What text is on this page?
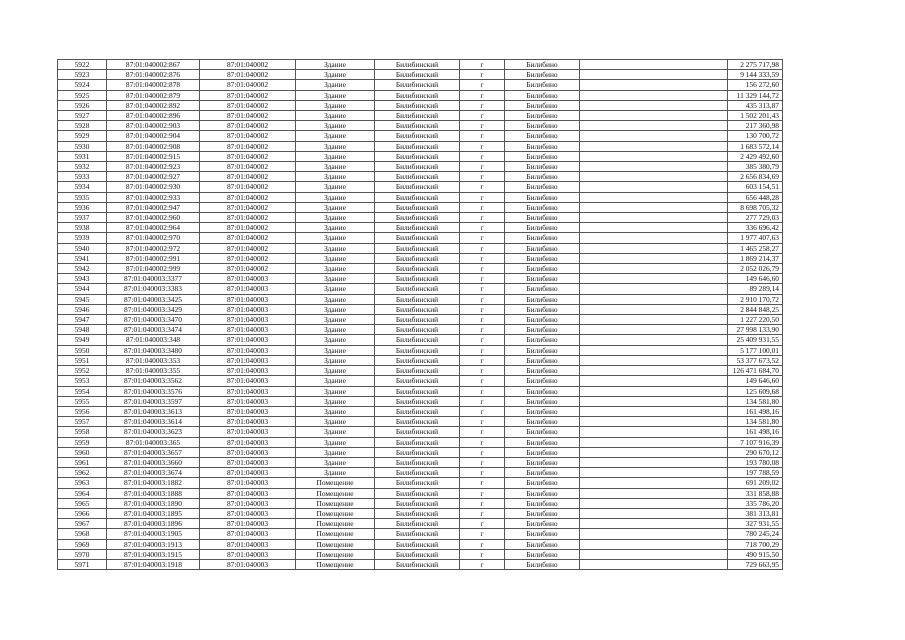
5922	87:01:040002:867	87:01:040002	Здание	Билибинский	г	Билибино		2 275 717,98
5923	87:01:040002:876	87:01:040002	Здание	Билибинский	г	Билибино		9 144 333,59
5924	87:01:040002:878	87:01:040002	Здание	Билибинский	г	Билибино		156 272,60
5925	87:01:040002:879	87:01:040002	Здание	Билибинский	г	Билибино		11 329 144,72
5926	87:01:040002:892	87:01:040002	Здание	Билибинский	г	Билибино		435 313,87
5927	87:01:040002:896	87:01:040002	Здание	Билибинский	г	Билибино		1 502 201,43
5928	87:01:040002:903	87:01:040002	Здание	Билибинский	г	Билибино		217 360,98
5929	87:01:040002:904	87:01:040002	Здание	Билибинский	г	Билибино		130 700,72
5930	87:01:040002:908	87:01:040002	Здание	Билибинский	г	Билибино		1 683 572,14
5931	87:01:040002:915	87:01:040002	Здание	Билибинский	г	Билибино		2 429 492,60
5932	87:01:040002:923	87:01:040002	Здание	Билибинский	г	Билибино		385 380,79
5933	87:01:040002:927	87:01:040002	Здание	Билибинский	г	Билибино		2 656 834,69
5934	87:01:040002:930	87:01:040002	Здание	Билибинский	г	Билибино		603 154,51
5935	87:01:040002:933	87:01:040002	Здание	Билибинский	г	Билибино		656 448,28
5936	87:01:040002:947	87:01:040002	Здание	Билибинский	г	Билибино		8 698 705,32
5937	87:01:040002:960	87:01:040002	Здание	Билибинский	г	Билибино		277 729,03
5938	87:01:040002:964	87:01:040002	Здание	Билибинский	г	Билибино		336 696,42
5939	87:01:040002:970	87:01:040002	Здание	Билибинский	г	Билибино		1 977 407,63
5940	87:01:040002:972	87:01:040002	Здание	Билибинский	г	Билибино		1 465 258,27
5941	87:01:040002:991	87:01:040002	Здание	Билибинский	г	Билибино		1 869 214,37
5942	87:01:040002:999	87:01:040002	Здание	Билибинский	г	Билибино		2 052 026,79
5943	87:01:040003:3377	87:01:040003	Здание	Билибинский	г	Билибино		149 646,60
5944	87:01:040003:3383	87:01:040003	Здание	Билибинский	г	Билибино		89 289,14
5945	87:01:040003:3425	87:01:040003	Здание	Билибинский	г	Билибино		2 910 170,72
5946	87:01:040003:3429	87:01:040003	Здание	Билибинский	г	Билибино		2 844 848,25
5947	87:01:040003:3470	87:01:040003	Здание	Билибинский	г	Билибино		1 227 220,50
5948	87:01:040003:3474	87:01:040003	Здание	Билибинский	г	Билибино		27 998 133,90
5949	87:01:040003:348	87:01:040003	Здание	Билибинский	г	Билибино		25 409 931,55
5950	87:01:040003:3480	87:01:040003	Здание	Билибинский	г	Билибино		5 177 100,01
5951	87:01:040003:353	87:01:040003	Здание	Билибинский	г	Билибино		53 377 673,52
5952	87:01:040003:355	87:01:040003	Здание	Билибинский	г	Билибино		126 471 684,70
5953	87:01:040003:3562	87:01:040003	Здание	Билибинский	г	Билибино		149 646,60
5954	87:01:040003:3576	87:01:040003	Здание	Билибинский	г	Билибино		125 609,68
5955	87:01:040003:3597	87:01:040003	Здание	Билибинский	г	Билибино		134 581,80
5956	87:01:040003:3613	87:01:040003	Здание	Билибинский	г	Билибино		161 498,16
5957	87:01:040003:3614	87:01:040003	Здание	Билибинский	г	Билибино		134 581,80
5958	87:01:040003:3623	87:01:040003	Здание	Билибинский	г	Билибино		161 498,16
5959	87:01:040003:365	87:01:040003	Здание	Билибинский	г	Билибино		7 107 916,39
5960	87:01:040003:3657	87:01:040003	Здание	Билибинский	г	Билибино		290 670,12
5961	87:01:040003:3660	87:01:040003	Здание	Билибинский	г	Билибино		193 780,08
5962	87:01:040003:3674	87:01:040003	Здание	Билибинский	г	Билибино		197 788,59
5963	87:01:040003:1882	87:01:040003	Помещение	Билибинский	г	Билибино		691 209,02
5964	87:01:040003:1888	87:01:040003	Помещение	Билибинский	г	Билибино		331 858,88
5965	87:01:040003:1890	87:01:040003	Помещение	Билибинский	г	Билибино		335 786,20
5966	87:01:040003:1895	87:01:040003	Помещение	Билибинский	г	Билибино		381 313,81
5967	87:01:040003:1896	87:01:040003	Помещение	Билибинский	г	Билибино		327 931,55
5968	87:01:040003:1905	87:01:040003	Помещение	Билибинский	г	Билибино		780 245,24
5969	87:01:040003:1913	87:01:040003	Помещение	Билибинский	г	Билибино		718 700,29
5970	87:01:040003:1915	87:01:040003	Помещение	Билибинский	г	Билибино		490 915,50
5971	87:01:040003:1918	87:01:040003	Помещение	Билибинский	г	Билибино		729 663,95
